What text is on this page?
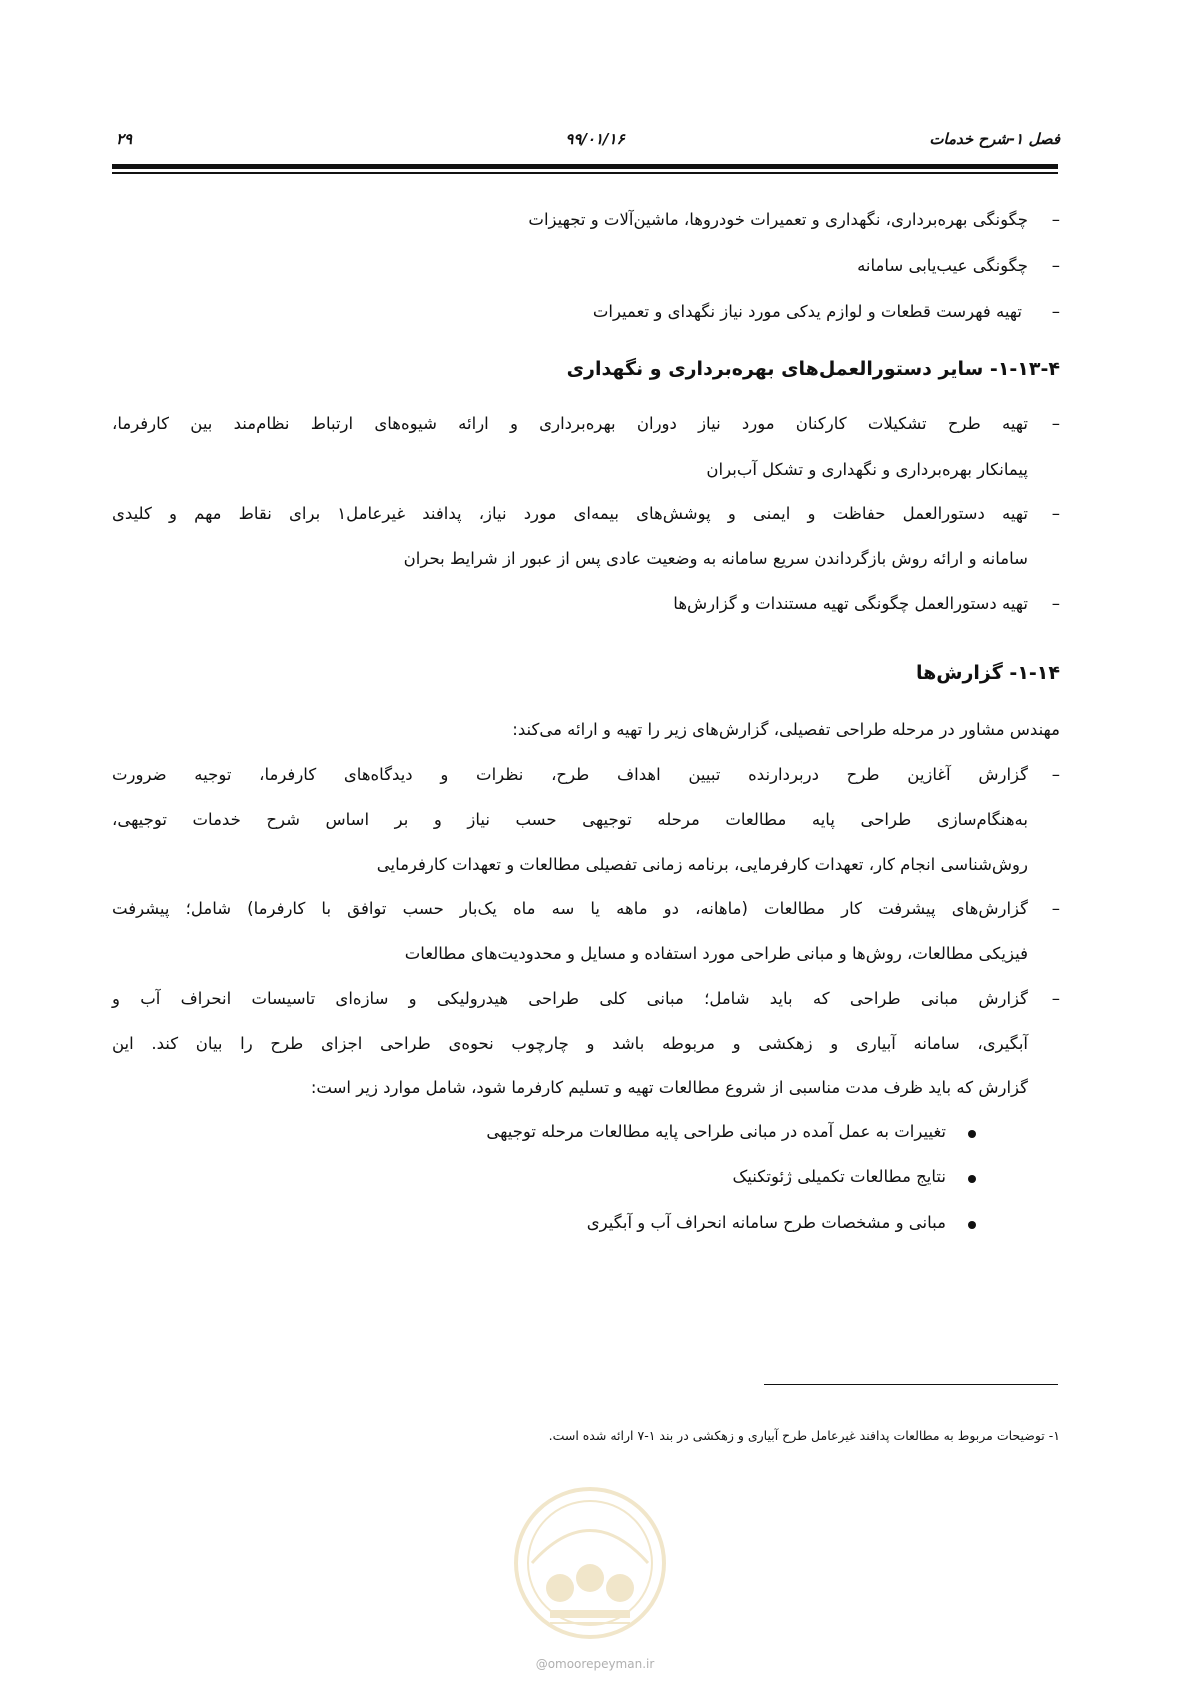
فصل ۱-شرح خدمات
۹۹/۰۱/۱۶
۲۹
–
چگونگی بهره‌برداری، نگهداری و تعمیرات خودروها، ماشین‌آلات و تجهیزات
–
چگونگی عیب‌یابی سامانه
–
تهیه فهرست قطعات و لوازم یدکی مورد نیاز نگهدای و تعمیرات
۱-۱۳-۴- سایر دستورالعمل‌های بهره‌برداری و نگهداری
–
تهیه طرح تشکیلات کارکنان مورد نیاز دوران بهره‌برداری و ارائه شیوه‌های ارتباط نظام‌مند بین کارفرما،
پیمانکار بهره‌برداری و نگهداری و تشکل آب‌بران
–
تهیه دستورالعمل حفاظت و ایمنی و پوشش‌های بیمه‌ای مورد نیاز، پدافند غیرعامل۱ برای نقاط مهم و کلیدی
سامانه و ارائه روش بازگرداندن سریع سامانه به وضعیت عادی پس از عبور از شرایط بحران
–
تهیه دستورالعمل چگونگی تهیه مستندات و گزارش‌ها
۱-۱۴- گزارش‌ها
مهندس مشاور در مرحله طراحی تفصیلی، گزارش‌های زیر را تهیه و ارائه می‌کند:
–
گزارش آغازین طرح دربردارنده تبیین اهداف طرح، نظرات و دیدگاه‌های کارفرما، توجیه ضرورت
به‌هنگام‌سازی طراحی پایه مطالعات مرحله توجیهی حسب نیاز و بر اساس شرح خدمات توجیهی،
روش‌شناسی انجام کار، تعهدات کارفرمایی، برنامه زمانی تفصیلی مطالعات و تعهدات کارفرمایی
–
گزارش‌های پیشرفت کار مطالعات (ماهانه، دو ماهه یا سه ماه یک‌بار حسب توافق با کارفرما) شامل؛ پیشرفت
فیزیکی مطالعات، روش‌ها و مبانی طراحی مورد استفاده و مسایل و محدودیت‌های مطالعات
–
گزارش مبانی طراحی که باید شامل؛ مبانی کلی طراحی هیدرولیکی و سازه‌ای تاسیسات انحراف آب و
آبگیری، سامانه آبیاری و زهکشی و مربوطه باشد و چارچوب نحوه‌ی طراحی اجزای طرح را بیان کند. این
گزارش که باید ظرف مدت مناسبی از شروع مطالعات تهیه و تسلیم کارفرما شود، شامل موارد زیر است:
تغییرات به عمل آمده در مبانی طراحی پایه مطالعات مرحله توجیهی
نتایج مطالعات تکمیلی ژئوتکنیک
مبانی و مشخصات طرح سامانه انحراف آب و آبگیری
۱- توضیحات مربوط به مطالعات پدافند غیرعامل طرح آبیاری و زهکشی در بند ۱-۷ ارائه شده است.
@omoorepeyman.ir
